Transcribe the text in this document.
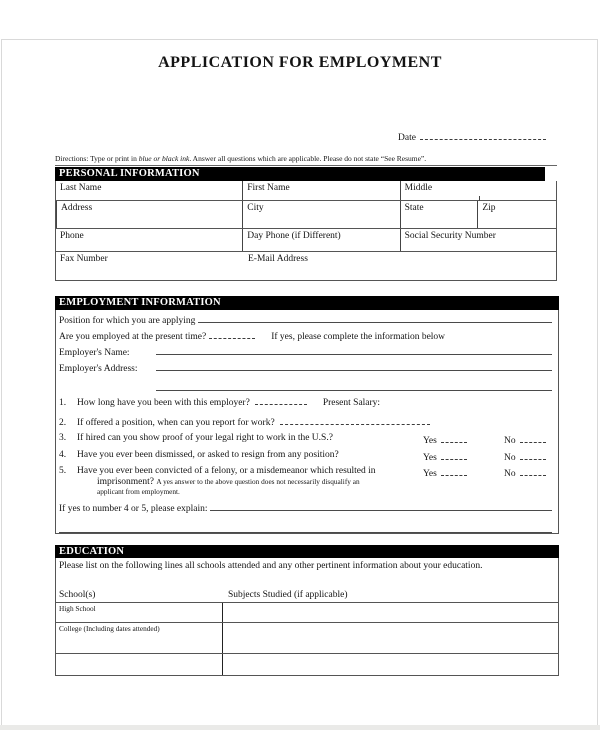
APPLICATION FOR EMPLOYMENT
Date
Directions: Type or print in blue or black ink. Answer all questions which are applicable. Please do not state “See Resume”.
PERSONAL INFORMATION
Last Name	First Name	Middle
Address	City	State	Zip
Phone	Day Phone (if Different)	Social Security Number
Fax Number	E-Mail Address
EMPLOYMENT INFORMATION
Position for which you are applying

Are you employed at the present time?	If yes, please complete the information below
Employer's Name:
Employer's Address:
1.	How long have you been with this employer?	Present Salary:
2.	If offered a position, when can you report for work?
3.	If hired can you show proof of your legal right to work in the U.S.?	Yes	No
4.	Have you ever been dismissed, or asked to resign from any position?	Yes	No
5.	Have you ever been convicted of a felony, or a misdemeanor which resulted in	Yes	No
imprisonment?
A yes answer to the above question does not necessarily disqualify an
applicant from employment.
If yes to number 4 or 5, please explain:

EDUCATION
Please list on the following lines all schools attended and any other pertinent information about your education.
School(s)	Subjects Studied (if applicable)
High School
College (Including dates attended)
